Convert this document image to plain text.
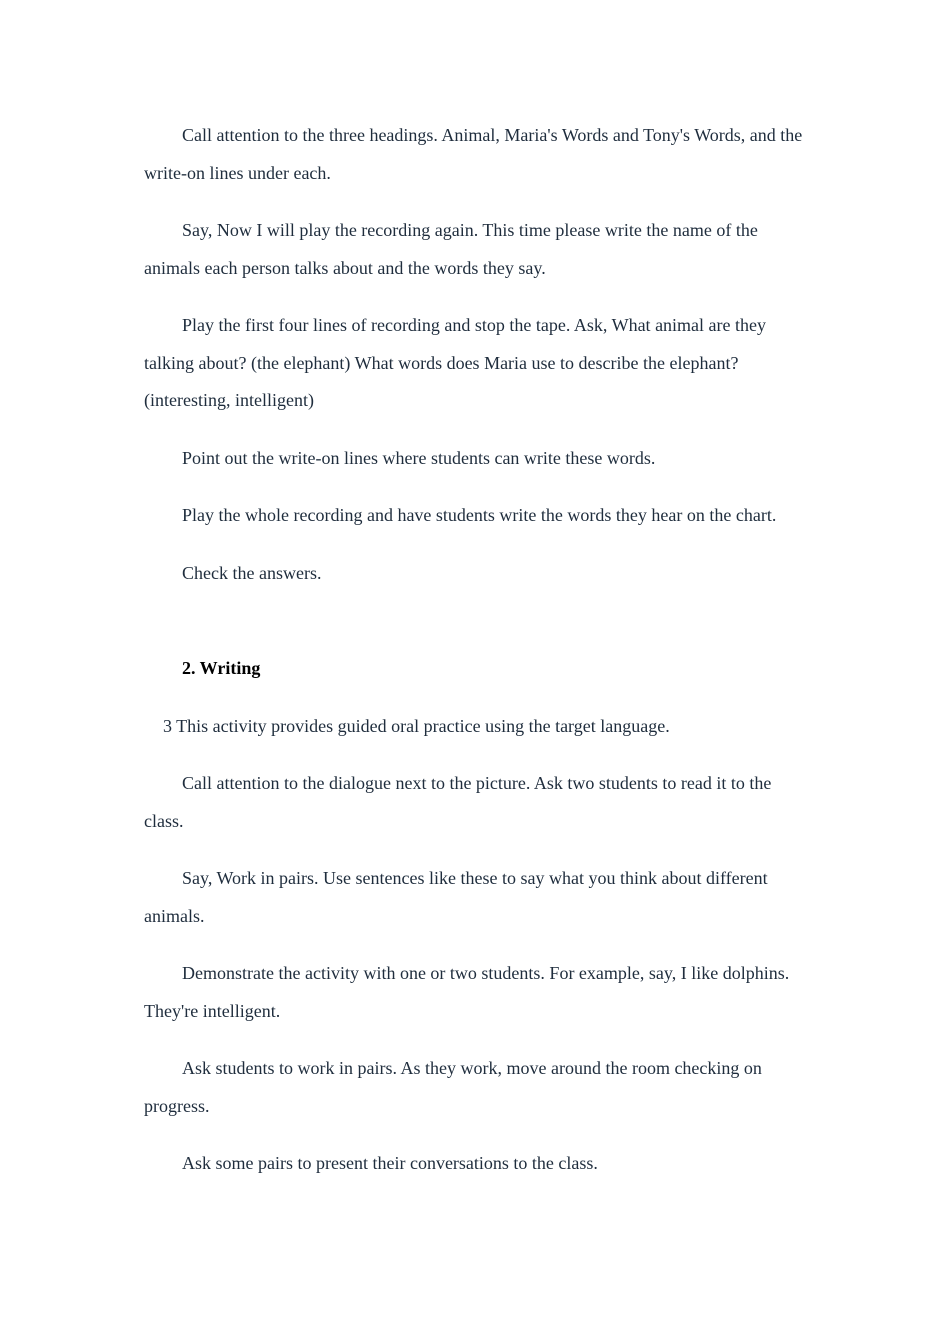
Call attention to the three headings. Animal, Maria's Words and Tony's Words, and the write-on lines under each.

Say, Now I will play the recording again. This time please write the name of the animals each person talks about and the words they say.

Play the first four lines of recording and stop the tape. Ask, What animal are they talking about? (the elephant) What words does Maria use to describe the elephant? (interesting, intelligent)

Point out the write-on lines where students can write these words.

Play the whole recording and have students write the words they hear on the chart.

Check the answers.

2. Writing

3 This activity provides guided oral practice using the target language.

Call attention to the dialogue next to the picture. Ask two students to read it to the class.

Say, Work in pairs. Use sentences like these to say what you think about different animals.

Demonstrate the activity with one or two students. For example, say, I like dolphins. They're intelligent.

Ask students to work in pairs. As they work, move around the room checking on progress.

Ask some pairs to present their conversations to the class.
